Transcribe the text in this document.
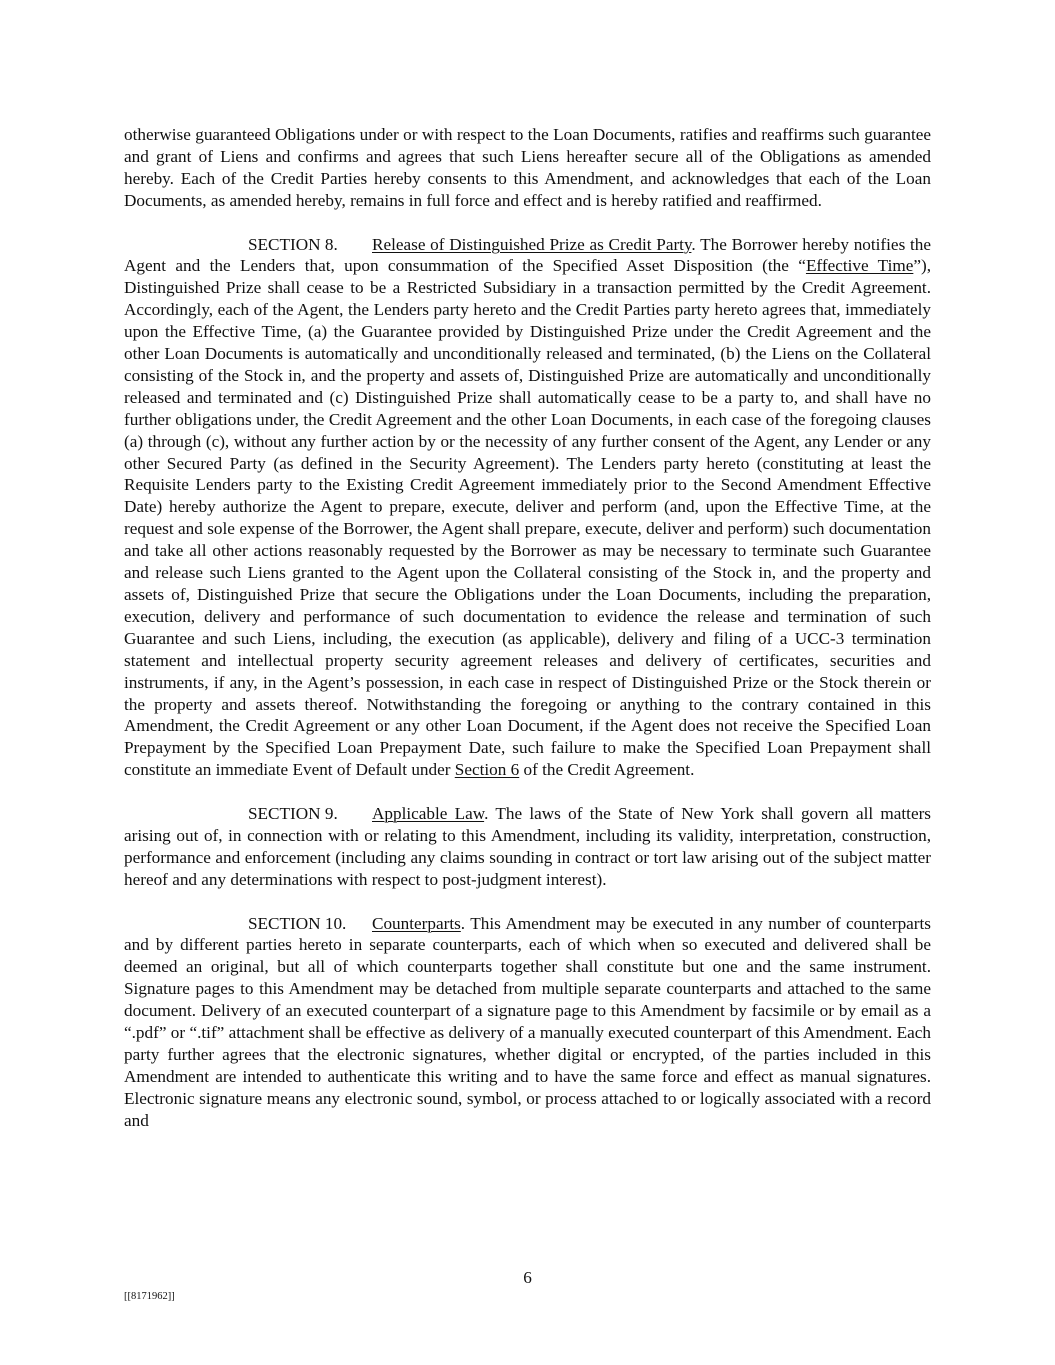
otherwise guaranteed Obligations under or with respect to the Loan Documents, ratifies and reaffirms such guarantee and grant of Liens and confirms and agrees that such Liens hereafter secure all of the Obligations as amended hereby. Each of the Credit Parties hereby consents to this Amendment, and acknowledges that each of the Loan Documents, as amended hereby, remains in full force and effect and is hereby ratified and reaffirmed.

SECTION 8. Release of Distinguished Prize as Credit Party. The Borrower hereby notifies the Agent and the Lenders that, upon consummation of the Specified Asset Disposition (the “Effective Time”), Distinguished Prize shall cease to be a Restricted Subsidiary in a transaction permitted by the Credit Agreement. Accordingly, each of the Agent, the Lenders party hereto and the Credit Parties party hereto agrees that, immediately upon the Effective Time, (a) the Guarantee provided by Distinguished Prize under the Credit Agreement and the other Loan Documents is automatically and unconditionally released and terminated, (b) the Liens on the Collateral consisting of the Stock in, and the property and assets of, Distinguished Prize are automatically and unconditionally released and terminated and (c) Distinguished Prize shall automatically cease to be a party to, and shall have no further obligations under, the Credit Agreement and the other Loan Documents, in each case of the foregoing clauses (a) through (c), without any further action by or the necessity of any further consent of the Agent, any Lender or any other Secured Party (as defined in the Security Agreement). The Lenders party hereto (constituting at least the Requisite Lenders party to the Existing Credit Agreement immediately prior to the Second Amendment Effective Date) hereby authorize the Agent to prepare, execute, deliver and perform (and, upon the Effective Time, at the request and sole expense of the Borrower, the Agent shall prepare, execute, deliver and perform) such documentation and take all other actions reasonably requested by the Borrower as may be necessary to terminate such Guarantee and release such Liens granted to the Agent upon the Collateral consisting of the Stock in, and the property and assets of, Distinguished Prize that secure the Obligations under the Loan Documents, including the preparation, execution, delivery and performance of such documentation to evidence the release and termination of such Guarantee and such Liens, including, the execution (as applicable), delivery and filing of a UCC-3 termination statement and intellectual property security agreement releases and delivery of certificates, securities and instruments, if any, in the Agent’s possession, in each case in respect of Distinguished Prize or the Stock therein or the property and assets thereof. Notwithstanding the foregoing or anything to the contrary contained in this Amendment, the Credit Agreement or any other Loan Document, if the Agent does not receive the Specified Loan Prepayment by the Specified Loan Prepayment Date, such failure to make the Specified Loan Prepayment shall constitute an immediate Event of Default under Section 6 of the Credit Agreement.

SECTION 9. Applicable Law. The laws of the State of New York shall govern all matters arising out of, in connection with or relating to this Amendment, including its validity, interpretation, construction, performance and enforcement (including any claims sounding in contract or tort law arising out of the subject matter hereof and any determinations with respect to post-judgment interest).

SECTION 10. Counterparts. This Amendment may be executed in any number of counterparts and by different parties hereto in separate counterparts, each of which when so executed and delivered shall be deemed an original, but all of which counterparts together shall constitute but one and the same instrument. Signature pages to this Amendment may be detached from multiple separate counterparts and attached to the same document. Delivery of an executed counterpart of a signature page to this Amendment by facsimile or by email as a “.pdf” or “.tif” attachment shall be effective as delivery of a manually executed counterpart of this Amendment. Each party further agrees that the electronic signatures, whether digital or encrypted, of the parties included in this Amendment are intended to authenticate this writing and to have the same force and effect as manual signatures. Electronic signature means any electronic sound, symbol, or process attached to or logically associated with a record and

6
[[8171962]]
